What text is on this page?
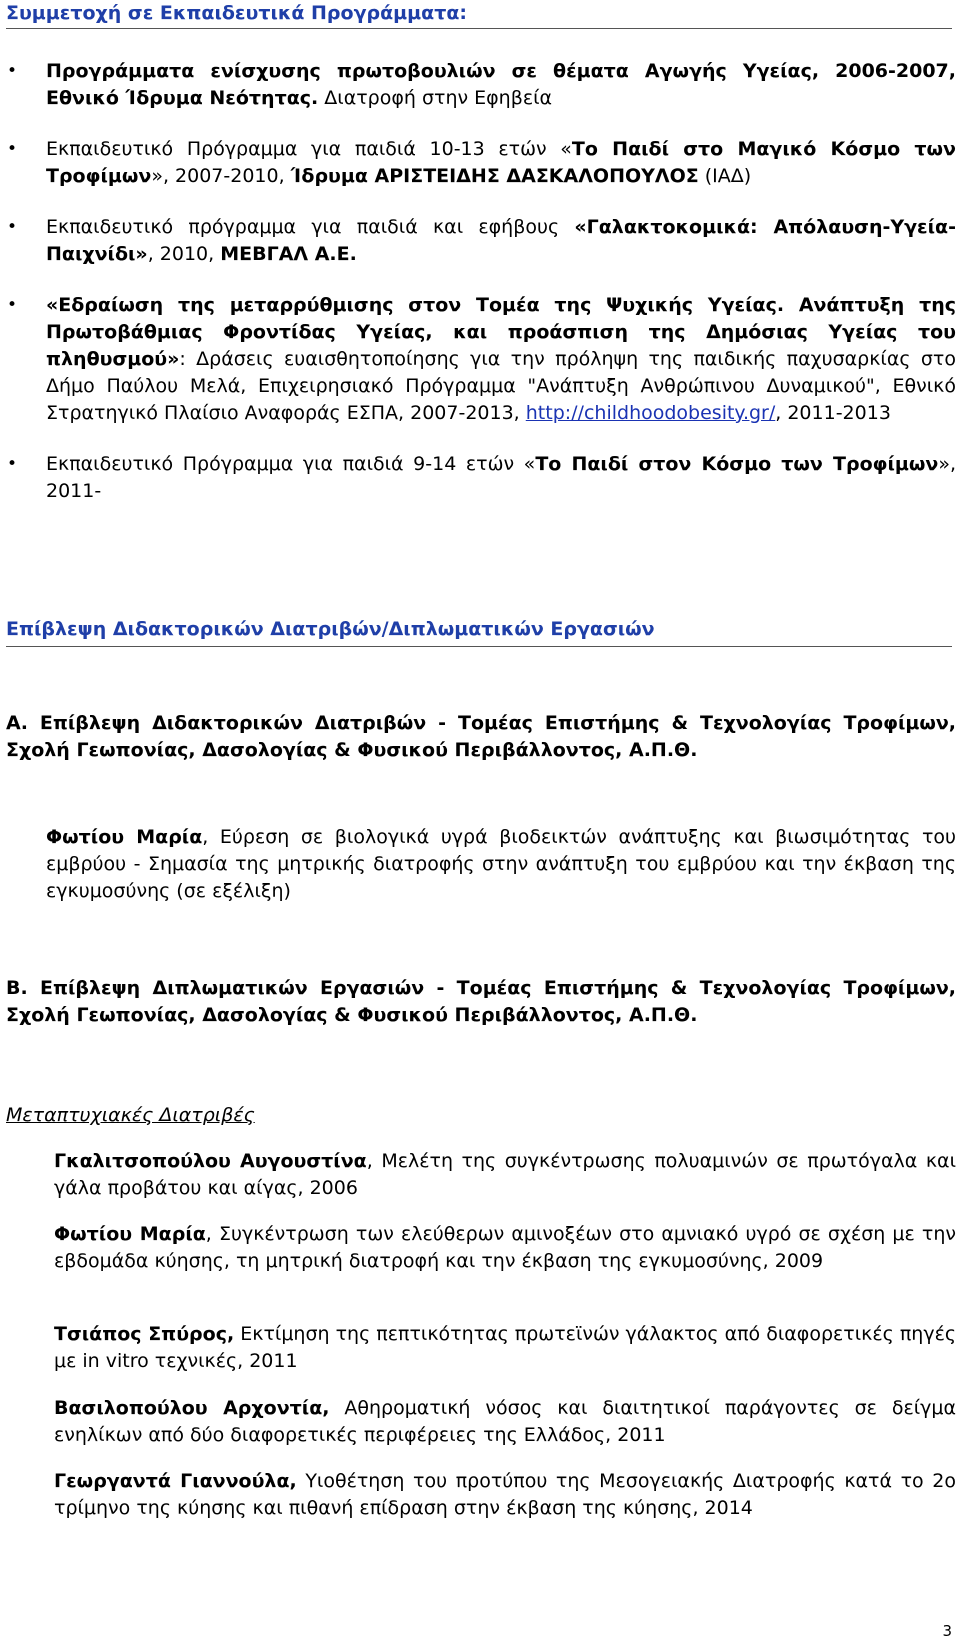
Συμμετοχή σε Εκπαιδευτικά Προγράμματα:
• Προγράμματα ενίσχυσης πρωτοβουλιών σε θέματα Αγωγής Υγείας, 2006-2007, Εθνικό Ίδρυμα Νεότητας. Διατροφή στην Εφηβεία
• Εκπαιδευτικό Πρόγραμμα για παιδιά 10-13 ετών «Το Παιδί στο Μαγικό Κόσμο των Τροφίμων», 2007-2010, Ίδρυμα ΑΡΙΣΤΕΙΔΗΣ ΔΑΣΚΑΛΟΠΟΥΛΟΣ (ΙΑΔ)
• Εκπαιδευτικό πρόγραμμα για παιδιά και εφήβους «Γαλακτοκομικά: Απόλαυση-Υγεία-Παιχνίδι», 2010, ΜΕΒΓΑΛ Α.Ε.
• «Εδραίωση της μεταρρύθμισης στον Τομέα της Ψυχικής Υγείας. Ανάπτυξη της Πρωτοβάθμιας Φροντίδας Υγείας, και προάσπιση της Δημόσιας Υγείας του πληθυσμού»: Δράσεις ευαισθητοποίησης για την πρόληψη της παιδικής παχυσαρκίας στο Δήμο Παύλου Μελά, Επιχειρησιακό Πρόγραμμα "Ανάπτυξη Ανθρώπινου Δυναμικού", Εθνικό Στρατηγικό Πλαίσιο Αναφοράς ΕΣΠΑ, 2007-2013, http://childhoodobesity.gr/, 2011-2013
• Εκπαιδευτικό Πρόγραμμα για παιδιά 9-14 ετών «Το Παιδί στον Κόσμο των Τροφίμων», 2011-
Επίβλεψη Διδακτορικών Διατριβών/Διπλωματικών Εργασιών
Α. Επίβλεψη Διδακτορικών Διατριβών - Τομέας Επιστήμης & Τεχνολογίας Τροφίμων, Σχολή Γεωπονίας, Δασολογίας & Φυσικού Περιβάλλοντος, Α.Π.Θ.
Φωτίου Μαρία, Εύρεση σε βιολογικά υγρά βιοδεικτών ανάπτυξης και βιωσιμότητας του εμβρύου - Σημασία της μητρικής διατροφής στην ανάπτυξη του εμβρύου και την έκβαση της εγκυμοσύνης (σε εξέλιξη)
Β. Επίβλεψη Διπλωματικών Εργασιών - Τομέας Επιστήμης & Τεχνολογίας Τροφίμων, Σχολή Γεωπονίας, Δασολογίας & Φυσικού Περιβάλλοντος, Α.Π.Θ.
Μεταπτυχιακές Διατριβές
Γκαλιτσοπούλου Αυγουστίνα, Μελέτη της συγκέντρωσης πολυαμινών σε πρωτόγαλα και γάλα προβάτου και αίγας, 2006
Φωτίου Μαρία, Συγκέντρωση των ελεύθερων αμινοξέων στο αμνιακό υγρό σε σχέση με την εβδομάδα κύησης, τη μητρική διατροφή και την έκβαση της εγκυμοσύνης, 2009
Τσιάπος Σπύρος, Εκτίμηση της πεπτικότητας πρωτεϊνών γάλακτος από διαφορετικές πηγές με in vitro τεχνικές, 2011
Βασιλοπούλου Αρχοντία, Αθηροματική νόσος και διαιτητικοί παράγοντες σε δείγμα ενηλίκων από δύο διαφορετικές περιφέρειες της Ελλάδος, 2011
Γεωργαντά Γιαννούλα, Υιοθέτηση του προτύπου της Μεσογειακής Διατροφής κατά το 2ο τρίμηνο της κύησης και πιθανή επίδραση στην έκβαση της κύησης, 2014
3
